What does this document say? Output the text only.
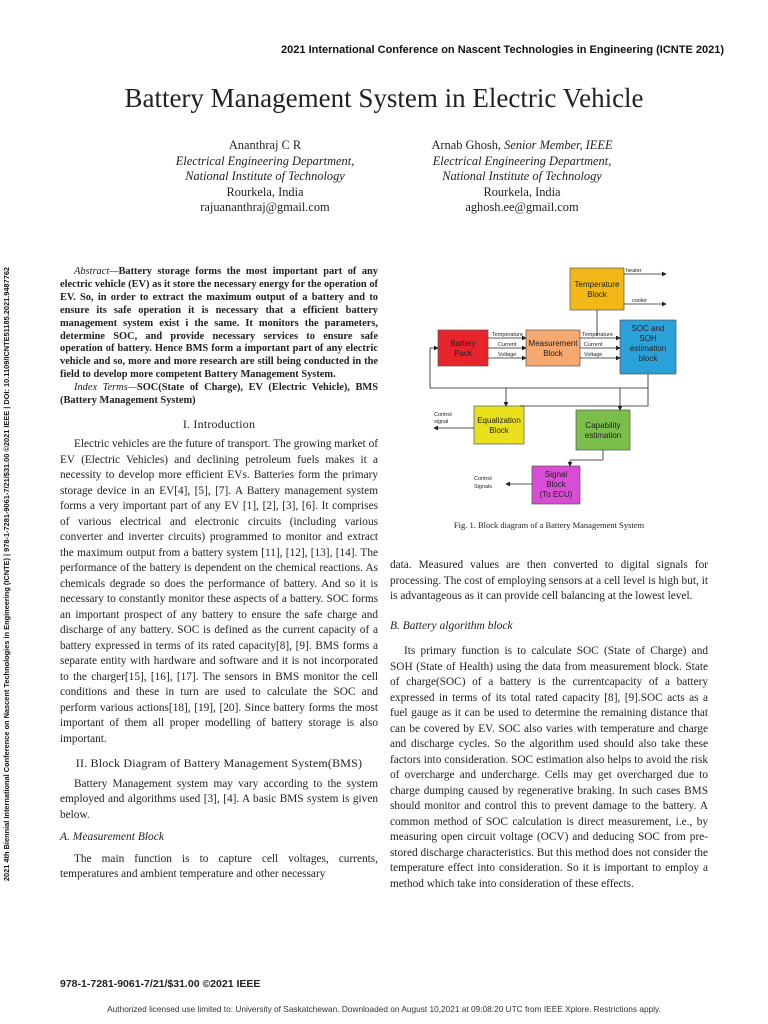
2021 International Conference on Nascent Technologies in Engineering (ICNTE 2021)
Battery Management System in Electric Vehicle
Ananthraj C R
Electrical Engineering Department,
National Institute of Technology
Rourkela, India
rajuananthraj@gmail.com
Arnab Ghosh, Senior Member, IEEE
Electrical Engineering Department,
National Institute of Technology
Rourkela, India
aghosh.ee@gmail.com
2021 4th Biennial International Conference on Nascent Technologies in Engineering (ICNTE) | 978-1-7281-9061-7/21/$31.00 ©2021 IEEE | DOI: 10.1109/ICNTE51185.2021.9487762	Abstract—Battery storage forms the most important part of any electric vehicle (EV) as it store the necessary energy for the operation of EV. So, in order to extract the maximum output of a battery and to ensure its safe operation it is necessary that a efficient battery management system exist i the same. It monitors the parameters, determine SOC, and provide necessary services to ensure safe operation of battery. Hence BMS form a important part of any electric vehicle and so, more and more research are still being conducted in the field to develop more competent Battery Management System.
Index Terms—SOC(State of Charge), EV (Electric Vehicle), BMS (Battery Management System)
I. Introduction

Electric vehicles are the future of transport. The growing market of EV (Electric Vehicles) and declining petroleum fuels makes it a necessity to develop more efficient EVs. Batteries form the primary storage device in an EV[4], [5], [7]. A Battery management system forms a very important part of any EV [1], [2], [3], [6]. It comprises of various electrical and electronic circuits (including various converter and inverter circuits) programmed to monitor and extract the maximum output from a battery system [11], [12], [13], [14]. The performance of the battery is dependent on the chemical reactions. As chemicals degrade so does the performance of battery. And so it is necessary to constantly monitor these aspects of a battery. SOC forms an important prospect of any battery to ensure the safe charge and discharge of any battery. SOC is defined as the current capacity of a battery expressed in terms of its rated capacity[8], [9]. BMS forms a separate entity with hardware and software and it is not incorporated to the charger[15], [16], [17]. The sensors in BMS monitor the cell conditions and these in turn are used to calculate the SOC and perform various actions[18], [19], [20]. Since battery forms the most important of them all proper modelling of battery storage is also important.

II. Block Diagram of Battery Management System(BMS)

Battery Management system may vary according to the system employed and algorithms used [3], [4]. A basic BMS system is given below.

A. Measurement Block

The main function is to capture cell voltages, currents, temperatures and ambient temperature and other necessary

Temperature Block
SOC and SOH estimation block
Battery Pack
Measurement Block
Equalization Block
Capability estimation
Signal Block (To ECU)
heater
cooler
Temperature
Current
Voltage
Temperature
Current
Voltage
Control
signal
Control
Signals
Fig. 1. Block diagram of a Battery Management System

data. Measured values are then converted to digital signals for processing. The cost of employing sensors at a cell level is high but, it is advantageous as it can provide cell balancing at the lowest level.

B. Battery algorithm block

Its primary function is to calculate SOC (State of Charge) and SOH (State of Health) using the data from measurement block. State of charge(SOC) of a battery is the currentcapacity of a battery expressed in terms of its total rated capacity [8], [9].SOC acts as a fuel gauge as it can be used to determine the remaining distance that can be covered by EV. SOC also varies with temperature and charge and discharge cycles. So the algorithm used should also take these factors into consideration. SOC estimation also helps to avoid the risk of overcharge and undercharge. Cells may get overcharged due to charge dumping caused by regenerative braking. In such cases BMS should monitor and control this to prevent damage to the battery. A common method of SOC calculation is direct measurement, i.e., by measuring open circuit voltage (OCV) and deducing SOC from pre-stored discharge characteristics. But this method does not consider the temperature effect into consideration. So it is important to employ a method which take into consideration of these effects.

978-1-7281-9061-7/21/$31.00 ©2021 IEEE
Authorized licensed use limited to: University of Saskatchewan. Downloaded on August 10,2021 at 09:08:20 UTC from IEEE Xplore. Restrictions apply.
